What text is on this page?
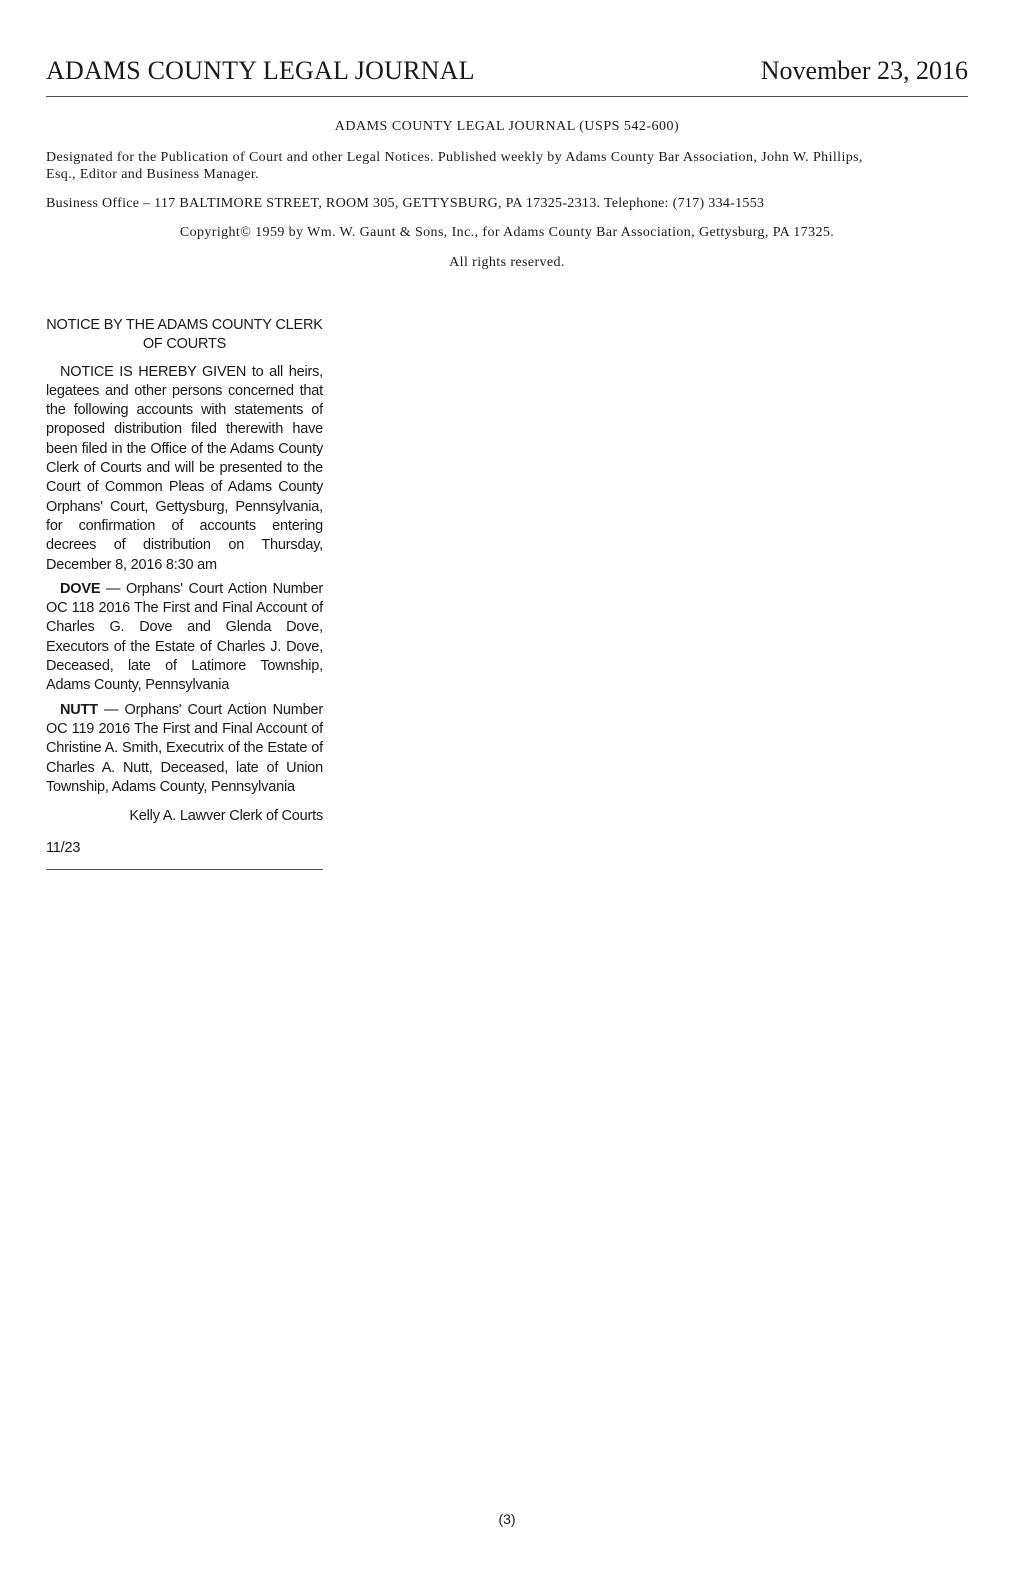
ADAMS COUNTY LEGAL JOURNAL	November 23, 2016
ADAMS COUNTY LEGAL JOURNAL (USPS 542-600)
Designated for the Publication of Court and other Legal Notices. Published weekly by Adams County Bar Association, John W. Phillips, Esq., Editor and Business Manager.
Business Office – 117 BALTIMORE STREET, ROOM 305, GETTYSBURG, PA 17325-2313. Telephone: (717) 334-1553
Copyright© 1959 by Wm. W. Gaunt & Sons, Inc., for Adams County Bar Association, Gettysburg, PA 17325.
All rights reserved.
NOTICE BY THE ADAMS COUNTY CLERK OF COURTS

NOTICE IS HEREBY GIVEN to all heirs, legatees and other persons concerned that the following accounts with statements of proposed distribution filed therewith have been filed in the Office of the Adams County Clerk of Courts and will be presented to the Court of Common Pleas of Adams County Orphans' Court, Gettysburg, Pennsylvania, for confirmation of accounts entering decrees of distribution on Thursday, December 8, 2016 8:30 am

DOVE — Orphans' Court Action Number OC 118 2016 The First and Final Account of Charles G. Dove and Glenda Dove, Executors of the Estate of Charles J. Dove, Deceased, late of Latimore Township, Adams County, Pennsylvania

NUTT — Orphans' Court Action Number OC 119 2016 The First and Final Account of Christine A. Smith, Executrix of the Estate of Charles A. Nutt, Deceased, late of Union Township, Adams County, Pennsylvania

Kelly A. Lawver Clerk of Courts
11/23
(3)
